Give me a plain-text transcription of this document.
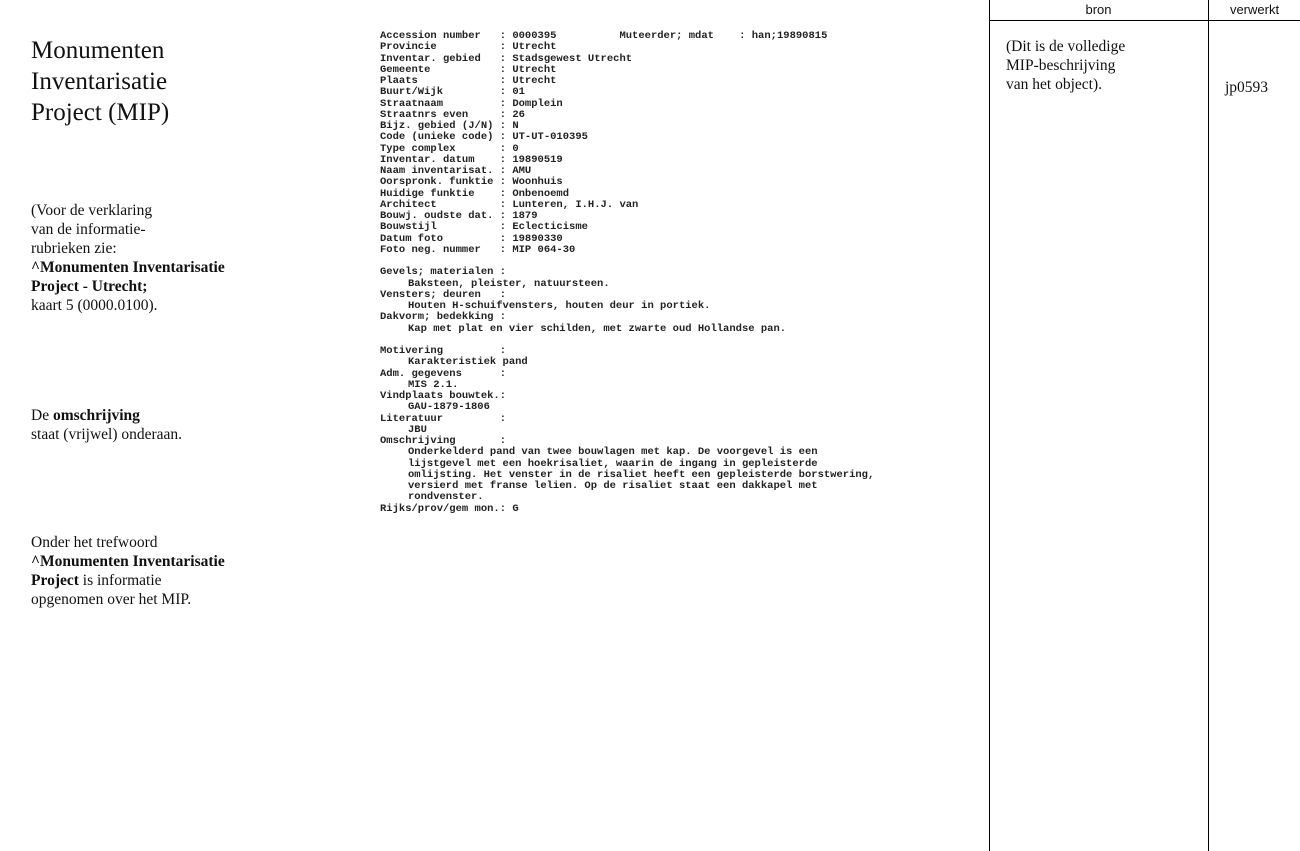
Monumenten
Inventarisatie
Project (MIP)
(Voor de verklaring
van de informatie-
rubrieken zie:
^Monumenten Inventarisatie
Project - Utrecht;
kaart 5 (0000.0100).
De omschrijving
staat (vrijwel) onderaan.
Onder het trefwoord
^Monumenten Inventarisatie
Project is informatie
opgenomen over het MIP.
Accession number   : 0000395          Muteerder; mdat    : han;19890815
Provincie          : Utrecht
Inventar. gebied   : Stadsgewest Utrecht
Gemeente           : Utrecht
Plaats             : Utrecht
Buurt/Wijk         : 01
Straatnaam         : Domplein
Straatnrs even     : 26
Bijz. gebied (J/N) : N
Code (unieke code) : UT-UT-010395
Type complex       : 0
Inventar. datum    : 19890519
Naam inventarisat. : AMU
Oorspronk. funktie : Woonhuis
Huidige funktie    : Onbenoemd
Architect          : Lunteren, I.H.J. van
Bouwj. oudste dat. : 1879
Bouwstijl          : Eclecticisme
Datum foto         : 19890330
Foto neg. nummer   : MIP 064-30
Gevels; materialen :
Baksteen, pleister, natuursteen.
Vensters; deuren   :
Houten H-schuifvensters, houten deur in portiek.
Dakvorm; bedekking :
Kap met plat en vier schilden, met zwarte oud Hollandse pan.
Motivering         :
Karakteristiek pand
Adm. gegevens      :
MIS 2.1.
Vindplaats bouwtek.:
GAU-1879-1806
Literatuur         :
JBU
Omschrijving       :
Onderkelderd pand van twee bouwlagen met kap. De voorgevel is een
lijstgevel met een hoekrisaliet, waarin de ingang in gepleisterde
omlijsting. Het venster in de risaliet heeft een gepleisterde borstwering,
versierd met franse lelien. Op de risaliet staat een dakkapel met
rondvenster.
Rijks/prov/gem mon.: G
bron	verwerkt
(Dit is de volledige
MIP-beschrijving
van het object).	jp0593
